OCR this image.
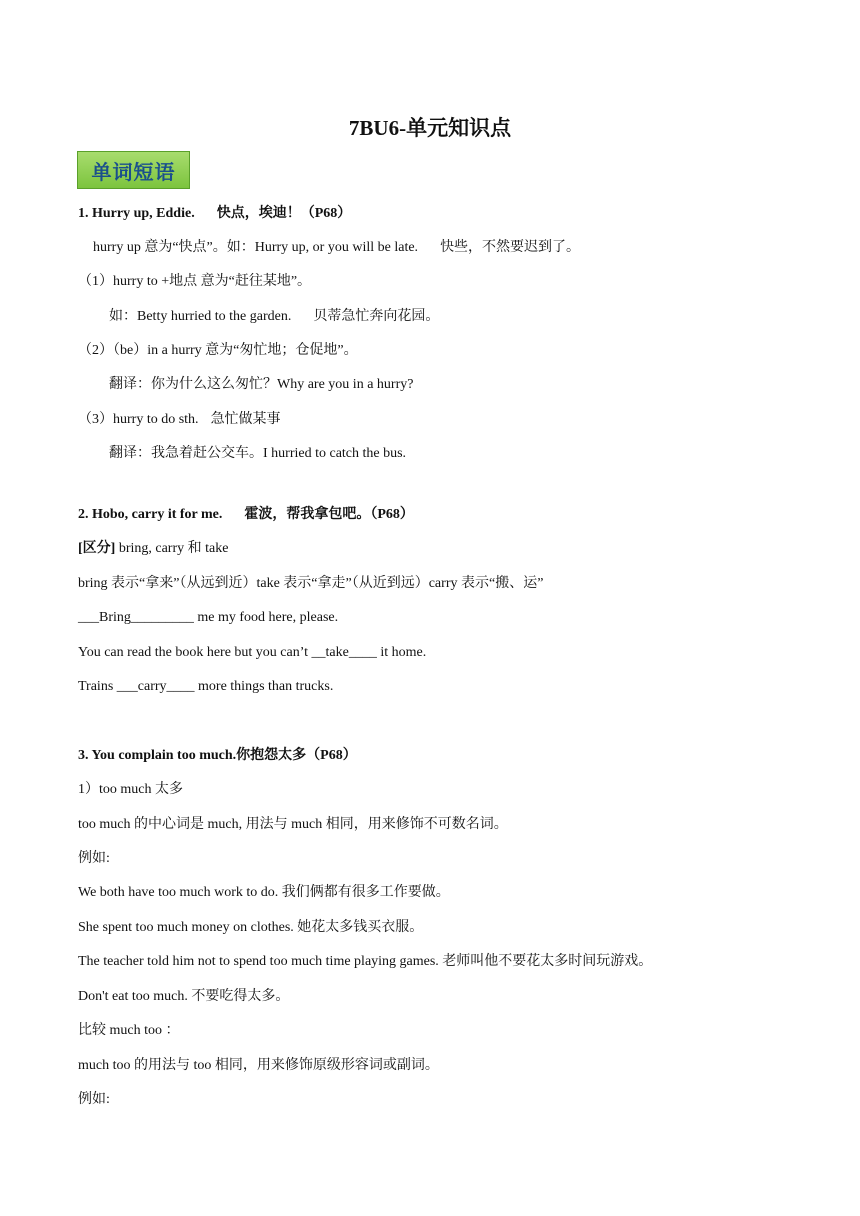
7BU6-单元知识点
单词短语
1. Hurry up, Eddie. 快点，埃迪！（P68）
hurry up 意为“快点”。如：Hurry up, or you will be late. 快些，不然要迟到了。
（1）hurry to +地点 意为“赶往某地”。
如：Betty hurried to the garden. 贝蒂急忙奔向花园。
（2）（be）in a hurry 意为“匆忙地；仓促地”。
翻译：你为什么这么匆忙？Why are you in a hurry?
（3）hurry to do sth. 急忙做某事
翻译：我急着赶公交车。I hurried to catch the bus.
2. Hobo, carry it for me. 霍波，帮我拿包吧。（P68）
[区分] bring, carry 和 take
bring 表示“拿来”（从远到近）take 表示“拿走”（从近到远）carry 表示“搬、运”
___Bring_________ me my food here, please.
You can read the book here but you can’t __take____ it home.
Trains ___carry____ more things than trucks.
3. You complain too much.你抱怨太多（P68）
1）too much 太多
too much 的中心词是 much, 用法与 much 相同，用来修饰不可数名词。
例如:
We both have too much work to do. 我们俩都有很多工作要做。
She spent too much money on clothes. 她花太多钱买衣服。
The teacher told him not to spend too much time playing games. 老师叫他不要花太多时间玩游戏。
Don't eat too much. 不要吃得太多。
比较 much too ：
much too 的用法与 too 相同，用来修饰原级形容词或副词。
例如:
